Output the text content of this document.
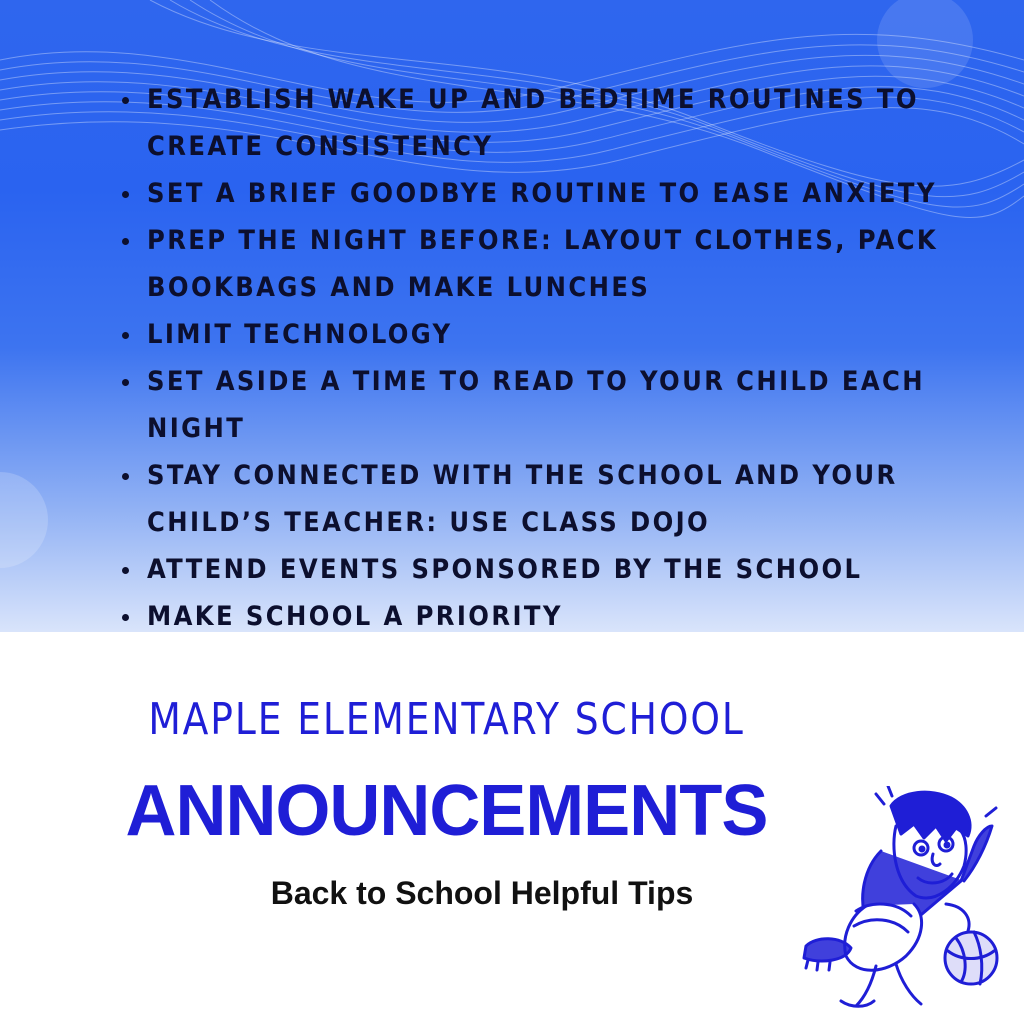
ESTABLISH WAKE UP AND BEDTIME ROUTINES TO CREATE CONSISTENCY
SET A BRIEF GOODBYE ROUTINE TO EASE ANXIETY
PREP THE NIGHT BEFORE: LAYOUT CLOTHES, PACK BOOKBAGS AND MAKE LUNCHES
LIMIT TECHNOLOGY
SET ASIDE A TIME TO READ TO YOUR CHILD EACH NIGHT
STAY CONNECTED WITH THE SCHOOL AND YOUR CHILD’S TEACHER: USE CLASS DOJO
ATTEND EVENTS SPONSORED BY THE SCHOOL
MAKE SCHOOL A PRIORITY
MAPLE ELEMENTARY SCHOOL
ANNOUNCEMENTS

Back to School Helpful Tips
